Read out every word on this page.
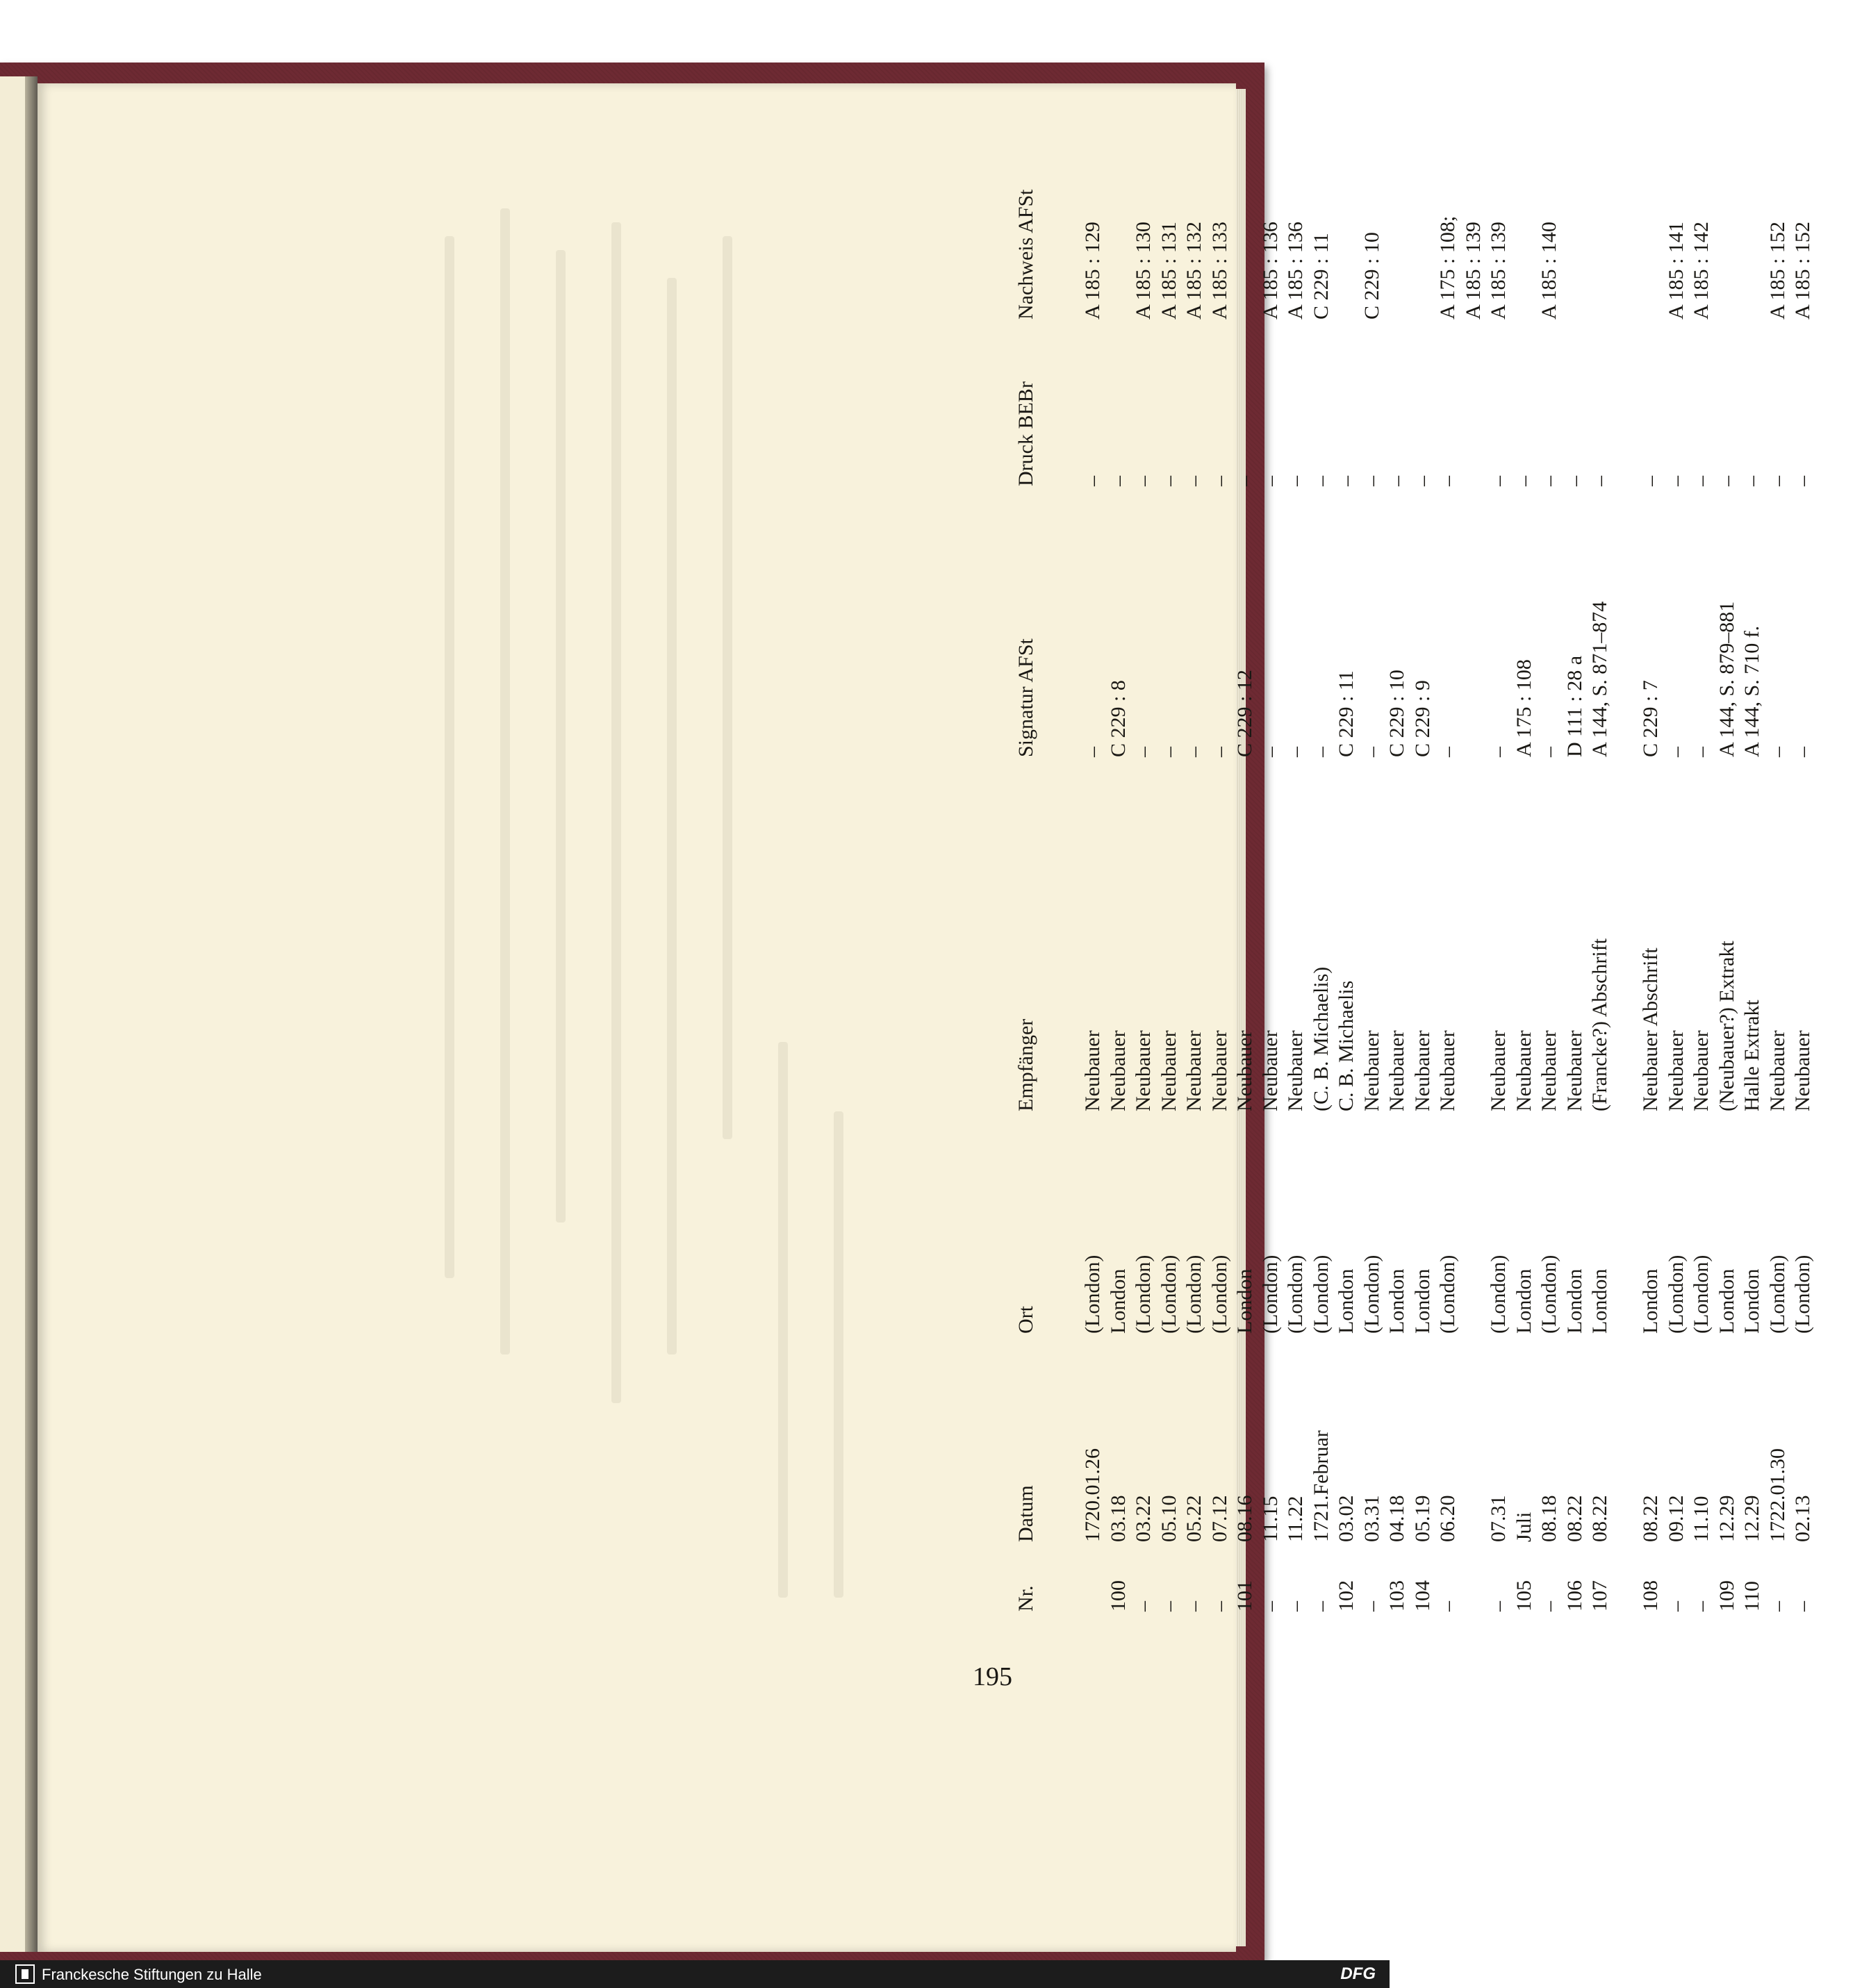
Nr.
Datum
Ort
Empfänger
Signatur AFSt
Druck BEBr
Nachweis AFSt
1720.01.26
(London)
Neubauer
–
–
A 185 : 129
100
03.18
London
Neubauer
C 229 : 8
–
–
03.22
(London)
Neubauer
–
–
A 185 : 130
–
05.10
(London)
Neubauer
–
–
A 185 : 131
–
05.22
(London)
Neubauer
–
–
A 185 : 132
–
07.12
(London)
Neubauer
–
–
A 185 : 133
101
08.16
London
Neubauer
C 229 : 12
–
–
11.15
(London)
Neubauer
–
–
A 185 : 136
–
11.22
(London)
Neubauer
–
–
A 185 : 136
–
1721.Februar
(London)
(C. B. Michaelis)
–
–
C 229 : 11
102
03.02
London
C. B. Michaelis
C 229 : 11
–
–
03.31
(London)
Neubauer
–
–
C 229 : 10
103
04.18
London
Neubauer
C 229 : 10
–
104
05.19
London
Neubauer
C 229 : 9
–
–
06.20
(London)
Neubauer
–
–
A 175 : 108; A 185 : 139
–
07.31
(London)
Neubauer
–
–
A 185 : 139
105
Juli
London
Neubauer
A 175 : 108
–
–
08.18
(London)
Neubauer
–
–
A 185 : 140
106
08.22
London
Neubauer
D 111 : 28 a
–
107
08.22
London
(Francke?) Abschrift
A 144, S. 871–874
–
108
08.22
London
Neubauer Abschrift
C 229 : 7
–
–
09.12
(London)
Neubauer
–
–
A 185 : 141
–
11.10
(London)
Neubauer
–
–
A 185 : 142
109
12.29
London
(Neubauer?) Extrakt
A 144, S. 879–881
–
110
12.29
London
Halle Extrakt
A 144, S. 710 f.
–
–
1722.01.30
(London)
Neubauer
–
–
A 185 : 152
–
02.13
(London)
Neubauer
–
–
A 185 : 152
195
Franckesche Stiftungen zu Halle	DFG
